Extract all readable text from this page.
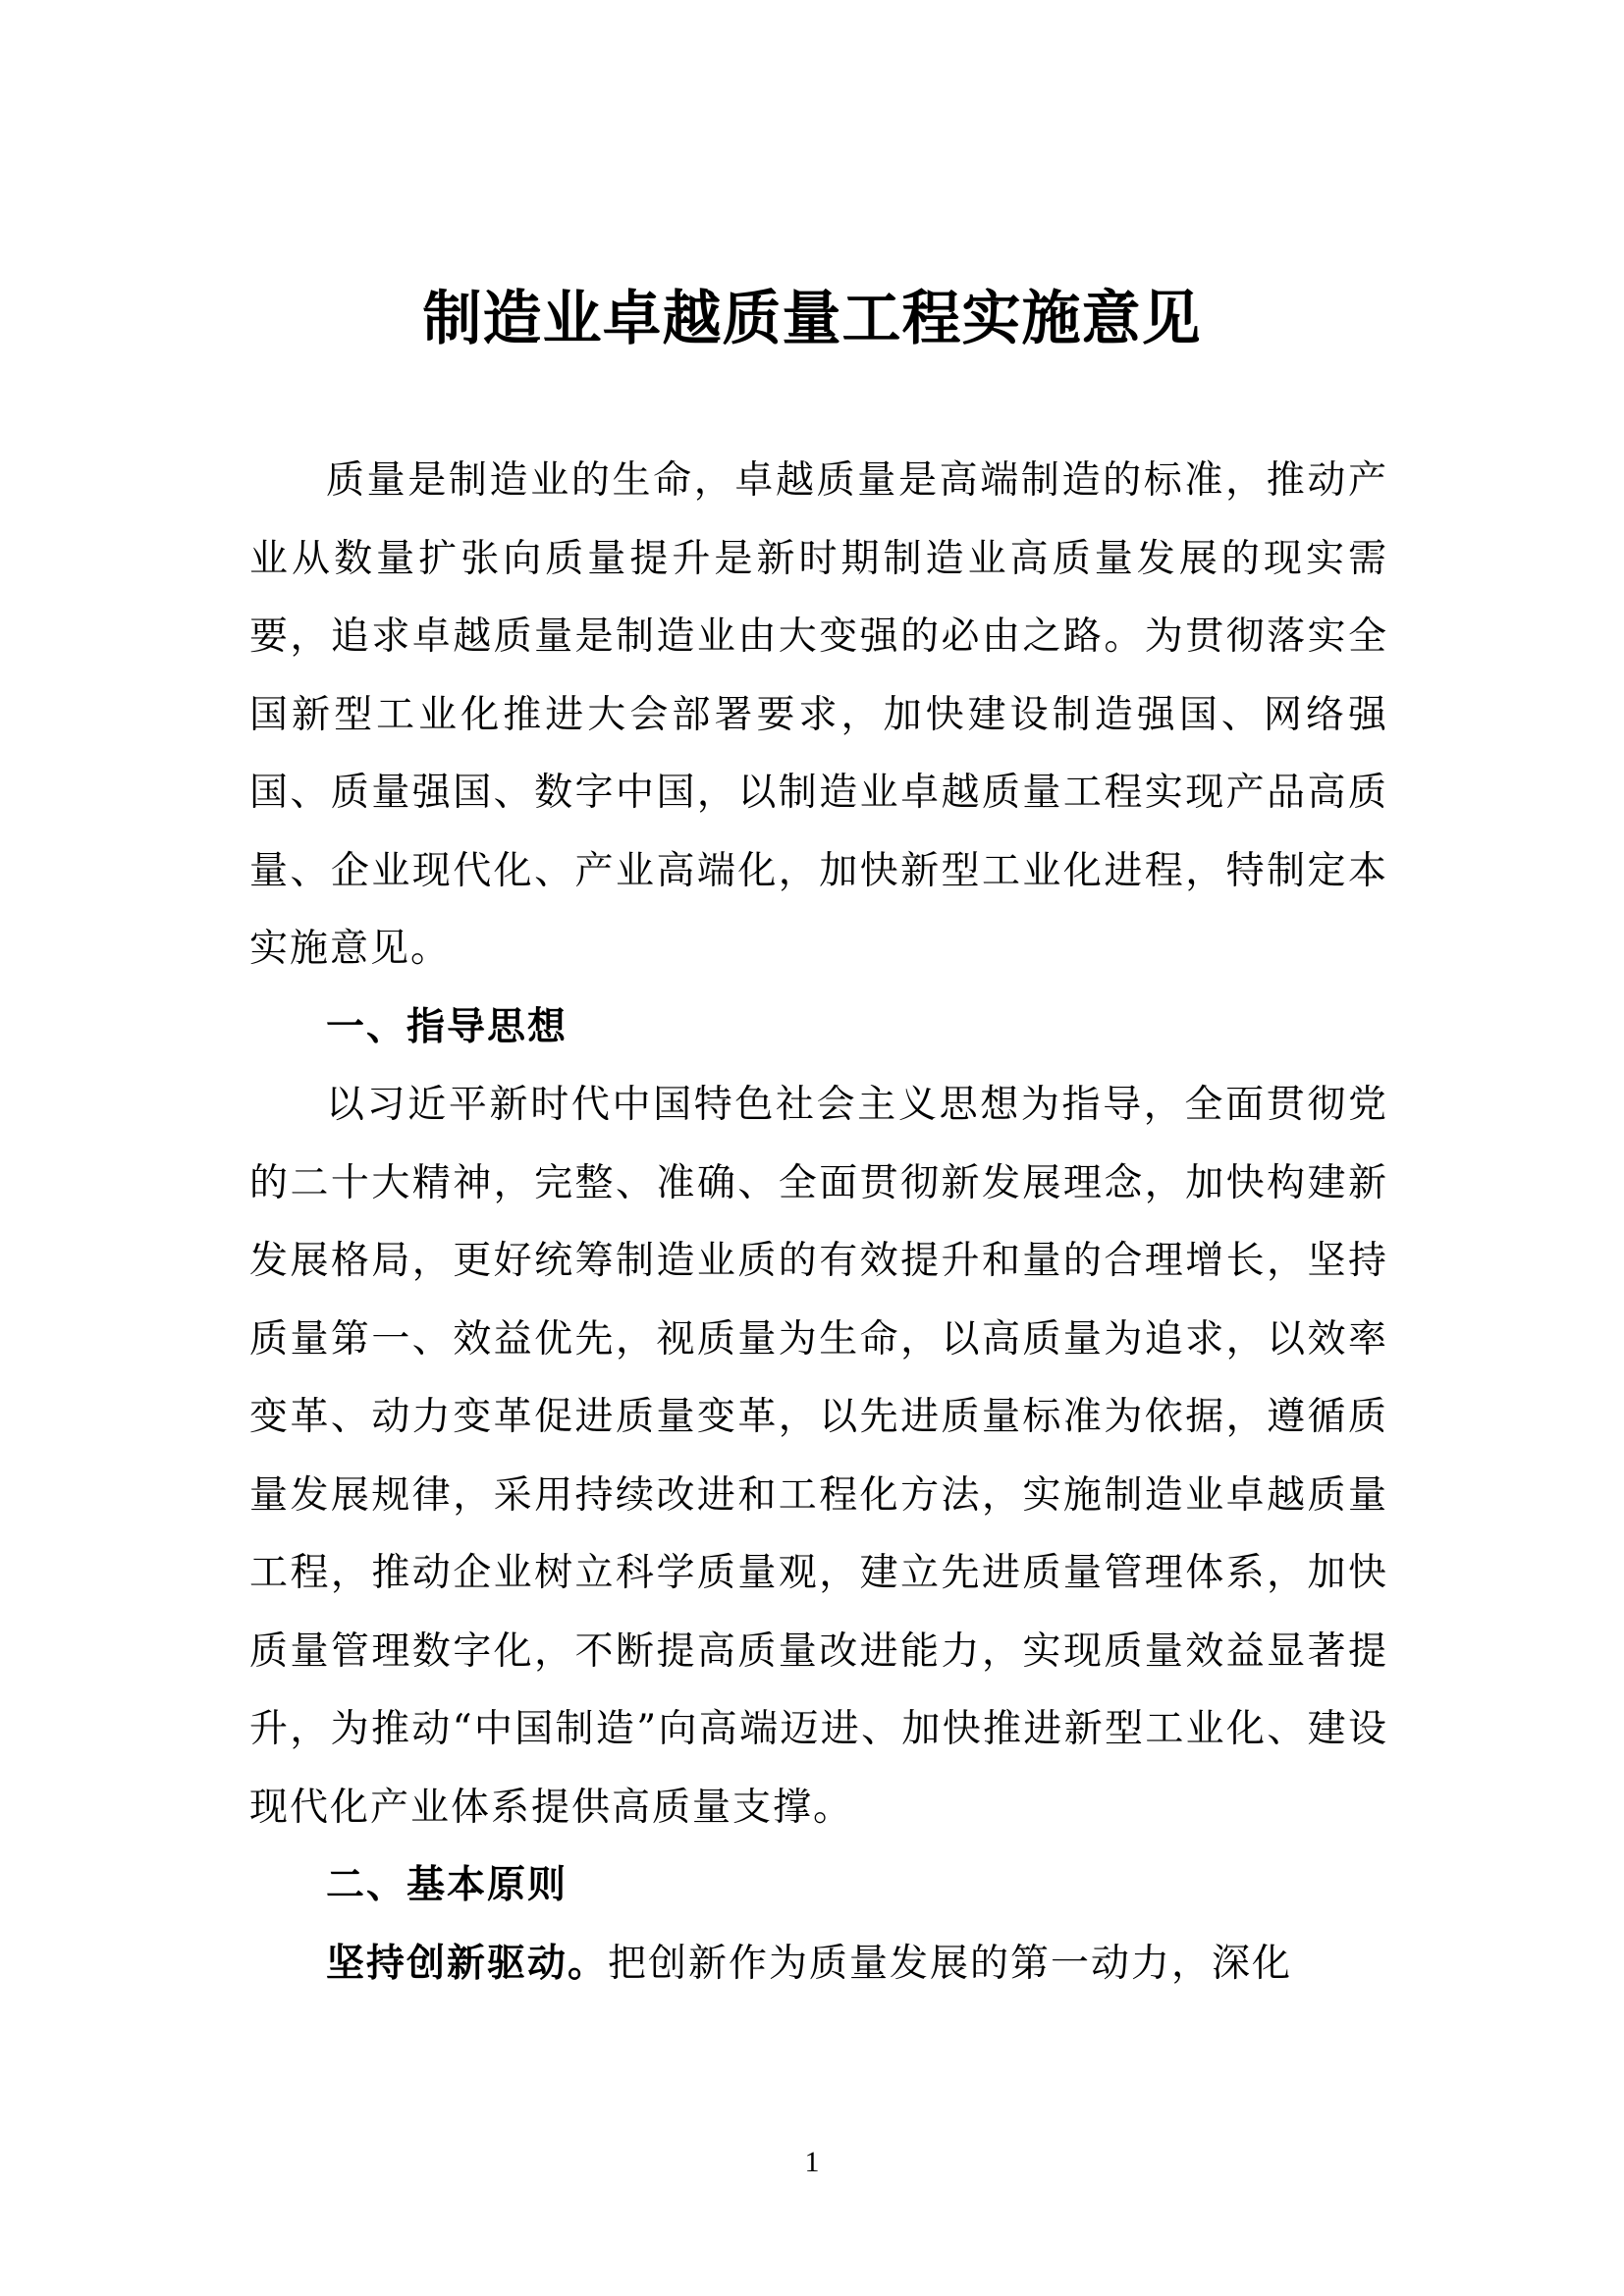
制造业卓越质量工程实施意见

质量是制造业的生命，卓越质量是高端制造的标准，推动产业从数量扩张向质量提升是新时期制造业高质量发展的现实需要，追求卓越质量是制造业由大变强的必由之路。为贯彻落实全国新型工业化推进大会部署要求，加快建设制造强国、网络强国、质量强国、数字中国，以制造业卓越质量工程实现产品高质量、企业现代化、产业高端化，加快新型工业化进程，特制定本实施意见。

一、指导思想

以习近平新时代中国特色社会主义思想为指导，全面贯彻党的二十大精神，完整、准确、全面贯彻新发展理念，加快构建新发展格局，更好统筹制造业质的有效提升和量的合理增长，坚持质量第一、效益优先，视质量为生命，以高质量为追求，以效率变革、动力变革促进质量变革，以先进质量标准为依据，遵循质量发展规律，采用持续改进和工程化方法，实施制造业卓越质量工程，推动企业树立科学质量观，建立先进质量管理体系，加快质量管理数字化，不断提高质量改进能力，实现质量效益显著提升，为推动“中国制造”向高端迈进、加快推进新型工业化、建设现代化产业体系提供高质量支撑。

二、基本原则

坚持创新驱动。把创新作为质量发展的第一动力，深化

1
